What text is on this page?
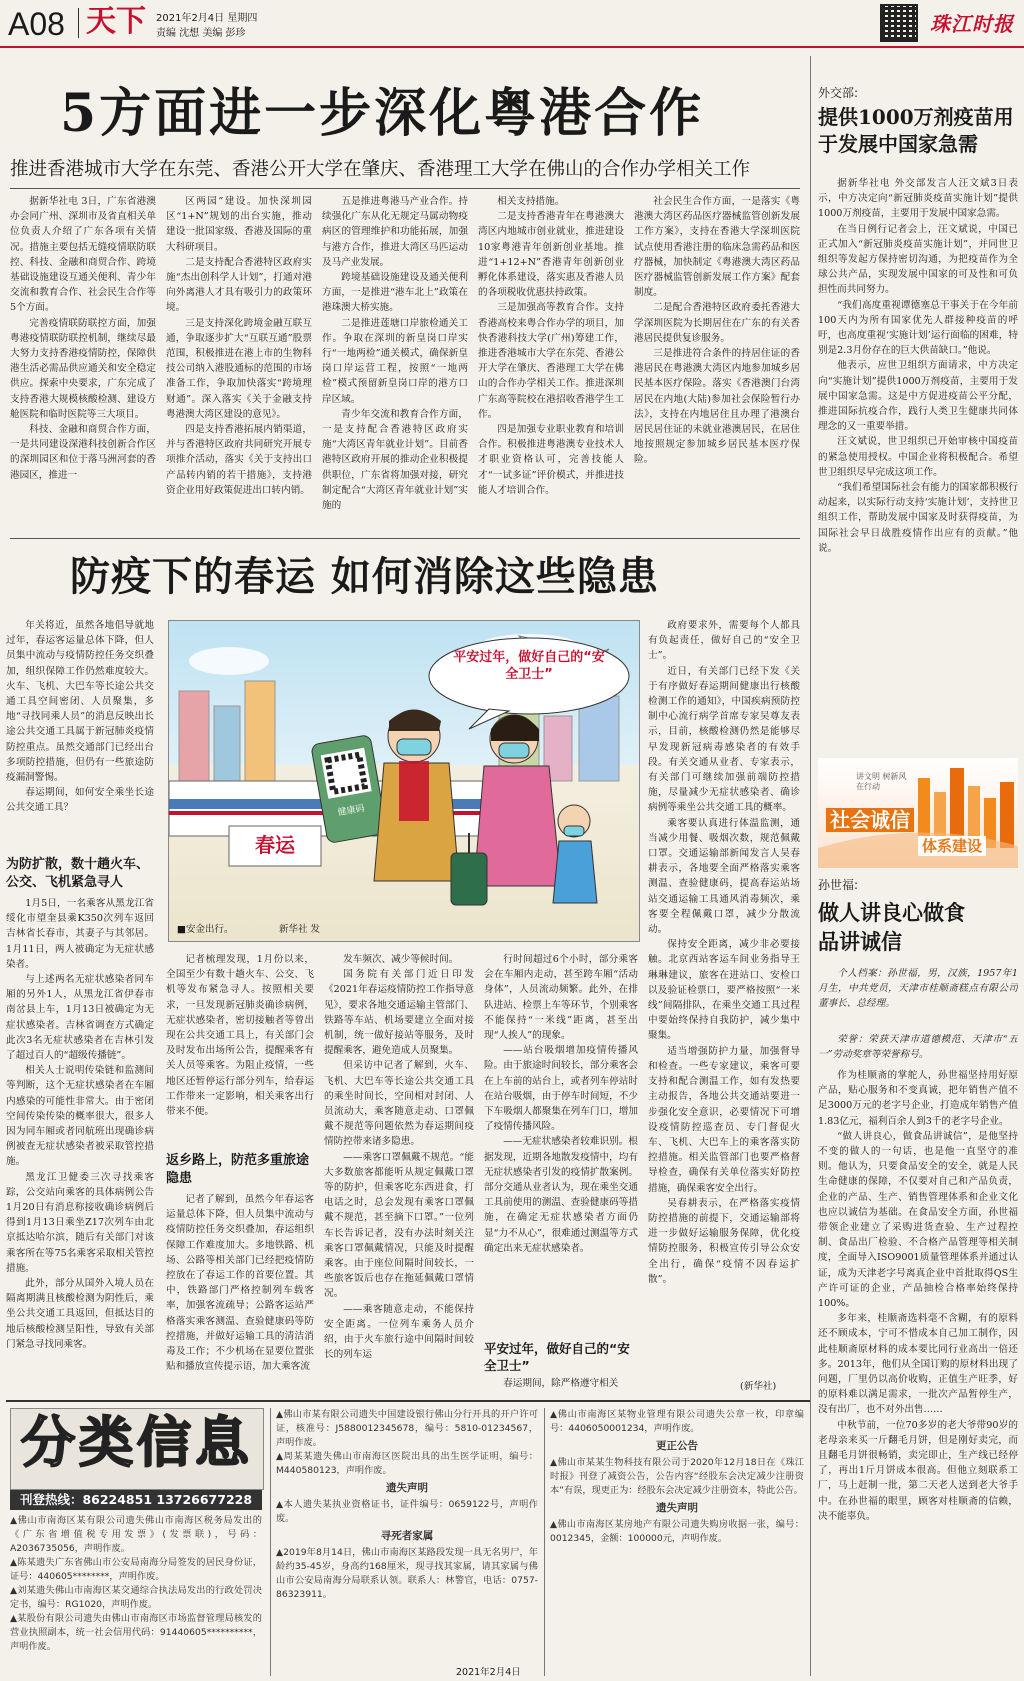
A08 天下 2021年2月4日 星期四
责编 沈想 美编 彭珍	珠江时报
5方面进一步深化粤港合作
推进香港城市大学在东莞、香港公开大学在肇庆、香港理工大学在佛山的合作办学相关工作

据新华社电 3日，广东省港澳办会同广州、深圳市及省直相关单位负责人介绍了广东各项有关情况。措施主要包括无缝疫情联防联控、科技、金融和商贸合作、跨境基础设施建设互通关便利、青少年交流和教育合作、社会民生合作等5个方面。

完善疫情联防联控方面，加强粤港疫情联防联控机制，继续尽最大努力支持香港疫情防控，保障供港生活必需品供应通关和安全稳定供应。探索中央要求，广东完成了支持香港大规模核酸检测、建设方舱医院和临时医院等三大项目。

科技、金融和商贸合作方面，一是共同建设深港科技创新合作区的深圳园区和位于落马洲河套的香港园区，推进一

区两园”建设。加快深圳园区“1+N”规划的出台实施，推动建设一批国家级、香港及国际的重大科研项目。

二是支持配合香港特区政府实施“杰出创科学人计划”，打通对港向外离港人才具有吸引力的政策环境。

三是支持深化跨境金融互联互通，争取逐步扩大“互联互通”股票范围，积极推进在港上市的生物科技公司纳入港股通标的范围的市场准备工作，争取加快落实“跨境理财通”。深入落实《关于金融支持粤港澳大湾区建设的意见》。

四是支持香港拓展内销渠道，并与香港特区政府共同研究开展专项推介活动，落实《关于支持出口产品转内销的若干措施》，支持港资企业用好政策促进出口转内销。

五是推进粤港马产业合作。持续强化广东从化无规定马属动物疫病区的管理维护和功能拓展，加强与港方合作，推进大湾区马匹运动及马产业发展。

跨境基础设施建设及通关便利方面，一是推进“港车北上”政策在港珠澳大桥实施。

二是推进莲塘口岸旅检通关工作。争取在深圳的新皇岗口岸实行“一地两检”通关模式，确保新皇岗口岸运营工程，按照“一地两检”模式预留新皇岗口岸的港方口岸区域。

青少年交流和教育合作方面，一是支持配合香港特区政府实施“大湾区青年就业计划”。目前香港特区政府开展的推动企业积极提供职位，广东省将加强对接，研究制定配合“大湾区青年就业计划”实施的

相关支持措施。

二是支持香港青年在粤港澳大湾区内地城市创业就业，推进建设10家粤港青年创新创业基地。推进“1+12+N”香港青年创新创业孵化体系建设，落实惠及香港人员的各项税收优惠扶持政策。

三是加强高等教育合作。支持香港高校来粤合作办学的项目，加快香港科技大学(广州)筹建工作，推进香港城市大学在东莞、香港公开大学在肇庆、香港理工大学在佛山的合作办学相关工作。推进深圳广东高等院校在港招收香港学生工作。

四是加强专业职业教育和培训合作。积极推进粤港澳专业技术人才职业资格认可，完善技能人才“一试多证”评价模式，并推进技能人才培训合作。

社会民生合作方面，一是落实《粤港澳大湾区药品医疗器械监管创新发展工作方案》，支持在香港大学深圳医院试点使用香港注册的临床急需药品和医疗器械，加快制定《粤港澳大湾区药品医疗器械监管创新发展工作方案》配套制度。

二是配合香港特区政府委托香港大学深圳医院为长期居住在广东的有关香港居民提供复诊服务。

三是推进符合条件的持居住证的香港居民在粤港澳大湾区内地参加城乡居民基本医疗保险。落实《香港澳门台湾居民在内地(大陆)参加社会保险暂行办法》，支持在内地居住且办理了港澳台居民居住证的未就业港澳居民，在居住地按照规定参加城乡居民基本医疗保险。

防疫下的春运 如何消除这些隐患

年关将近，虽然各地倡导就地过年，春运客运量总体下降，但人员集中流动与疫情防控任务交织叠加，组织保障工作仍然难度较大。火车、飞机、大巴车等长途公共交通工具空间密闭、人员聚集，多地“寻找同乘人员”的消息反映出长途公共交通工具属于新冠肺炎疫情防控重点。虽然交通部门已经出台多项防控措施，但仍有一些旅途防疫漏洞警惕。

春运期间，如何安全乘坐长途公共交通工具？

平安过年，做好自己的“安全卫士”
春运
健康码
■安金出行。	新华社 发
为防扩散，数十趟火车、公交、飞机紧急寻人

1月5日，一名乘客从黑龙江省绥化市望奎县乘K350次列车返回吉林省长春市，其妻子与其邻居。1月11日，两人被确定为无症状感染者。

与上述两名无症状感染者同车厢的另外1人，从黑龙江省伊春市南岔县上车，1月13日被确定为无症状感染者。吉林省调查方式确定此次3名无症状感染者在吉林引发了超过百人的“超级传播链”。

相关人士说明传染链和监测间等判断，这个无症状感染者在车厢内感染的可能性非常大。由于密闭空间传染传染的概率很大，很多人因为同车厢或者同航班出现确诊病例被查无症状感染者被采取管控措施。

黑龙江卫健委三次寻找乘客踪，公交站向乘客的具体病例公告1月20日有消息称接收确诊病例后得到1月13日乘坐Z17次列车由北京抵达哈尔滨，随后有关部门对该乘客所在等75名乘客采取相关管控措施。

此外，部分从国外入境人员在隔离期满且核酸检测为阴性后，乘坐公共交通工具返回，但抵达目的地后核酸检测呈阳性，导致有关部门紧急寻找同乘客。

记者梳理发现，1月份以来，全国至少有数十趟火车、公交、飞机等发布紧急寻人。按照相关要求，一旦发现新冠肺炎确诊病例，无症状感染者，密切接触者等曾出现在公共交通工具上，有关部门会及时发布出场所公告，提醒乘客有关人员等乘客。为阻止疫情，一些地区还暂停运行部分列车，给春运工作带来一定影响，相关乘客出行带来不便。

返乡路上，防范多重旅途隐患

记者了解到，虽然今年春运客运量总体下降，但人员集中流动与疫情防控任务交织叠加，春运组织保障工作难度加大。多地铁路、机场、公路等相关部门已经把疫情防控放在了春运工作的首要位置。其中，铁路部门严格控制列车载客率，加强客流疏导；公路客运站严格落实乘客测温、查验健康码等防控措施，并做好运输工具的清洁消毒及工作；不少机场在显要位置张贴和播放宣传提示语，加大乘客流

发车频次、减少等候时间。

国务院有关部门近日印发《2021年春运疫情防控工作指导意见》，要求各地交通运输主管部门、铁路等车站、机场要建立全面对接机制，统一做好接站等服务，及时提醒乘客，避免造成人员聚集。

但采访中记者了解到，火车、飞机、大巴车等长途公共交通工具的乘坐时间长，空间相对封闭、人员流动大，乘客随意走动、口罩佩戴不规范等问题依然为春运期间疫情防控带来诸多隐患。

——乘客口罩佩戴不规范。“能大多数旅客都能听从规定佩戴口罩等的防护，但乘客吃东西进食，打电话之时，总会发现有乘客口罩佩戴不规范，甚至摘下口罩。”一位列车长告诉记者，没有办法时刻关注乘客口罩佩戴情况，只能及时提醒乘客。由于座位间隔时间较长，一些旅客饭后也存在拖延佩戴口罩情况。

——乘客随意走动，不能保持安全距离。一位列车乘务人员介绍，由于火车旅行途中间隔时间较长的列车运

行时间超过6个小时，部分乘客会在车厢内走动，甚至跨车厢“活动身体”，人员流动频繁。此外，在排队进站、检票上车等环节，个别乘客不能保持“一米线”距离，甚至出现“人挨人”的现象。

——站台吸烟增加疫情传播风险。由于旅途时间较长，部分乘客会在上车前的站台上，或者列车停站时在站台吸烟，由于停车时间短，不少下车吸烟人都聚集在列车门口，增加了疫情传播风险。

——无症状感染者较难识别。根据发现，近期各地散发疫情中，均有无症状感染者引发的疫情扩散案例。部分交通从业者认为，现在乘坐交通工具前使用的测温、查验健康码等措施，在确定无症状感染者方面仍显“力不从心”，很难通过测温等方式确定出来无症状感染者。

平安过年，做好自己的“安全卫士”

春运期间，除严格遵守相关

政府要求外，需要每个人都具有负起责任，做好自己的“安全卫士”。

近日，有关部门已经下发《关于有序做好春运期间健康出行核酸检测工作的通知》，中国疾病预防控制中心流行病学首席专家吴尊友表示，目前，核酸检测仍然是能够尽早发现新冠病毒感染者的有效手段。有关交通从业者、专家表示，有关部门可继续加强前端防控措施，尽量减少无症状感染者、确诊病例等乘坐公共交通工具的概率。

乘客要认真进行体温监测，通当减少用餐、吸烟次数，规范佩戴口罩。交通运输部新闻发言人吴春耕表示，各地要全面严格落实乘客测温、查验健康码，提高春运站场站交通运输工具通风消毒频次，乘客要全程佩戴口罩，减少分散流动。

保持安全距离，减少非必要接触。北京西站客运车间业务指导王琳琳建议，旅客在进站口、安检口以及验证检票口，要严格按照“一米线”间隔排队，在乘坐交通工具过程中要始终保持自我防护，减少集中聚集。

适当增强防护力量，加强督导和检查。一些专家建议，乘客可要支持和配合测温工作，如有发热要主动报告，各地公共交通站要进一步强化安全意识，必要情况下可增设疫情防控巡查员、专门督促火车、飞机、大巴车上的乘客落实防控措施。相关监管部门也要严格督导检查，确保有关单位落实好防控措施，确保乘客安全出行。

吴春耕表示，在严格落实疫情防控措施的前提下，交通运输部将进一步做好运输服务保障，优化疫情防控服务，积极宣传引导公众安全出行，确保“疫情不因春运扩散”。

(新华社)
外交部:
提供1000万剂疫苗用于发展中国家急需

据新华社电 外交部发言人汪文斌3日表示，中方决定向“新冠肺炎疫苗实施计划”提供1000万剂疫苗，主要用于发展中国家急需。

在当日例行记者会上，汪文斌说，中国已正式加入“新冠肺炎疫苗实施计划”，并同世卫组织等发起方保持密切沟通，为把疫苗作为全球公共产品，实现发展中国家的可及性和可负担性而共同努力。

“我们高度重视谭德塞总干事关于在今年前100天内为所有国家优先人群接种疫苗的呼吁，也高度重视‘实施计划’运行面临的困难，特别是2.3月份存在的巨大供苗缺口。”他说。

他表示，应世卫组织方面请求，中方决定向“实施计划”提供1000万剂疫苗，主要用于发展中国家急需。这是中方促进疫苗公平分配，推进国际抗疫合作，践行人类卫生健康共同体理念的又一重要举措。

汪文斌说，世卫组织已开始审核中国疫苗的紧急使用授权。中国企业将积极配合。希望世卫组织尽早完成这项工作。

“我们希望国际社会有能力的国家都积极行动起来，以实际行动支持‘实施计划’，支持世卫组织工作，帮助发展中国家及时获得疫苗，为国际社会早日战胜疫情作出应有的贡献。”他说。

讲文明 树新风 在行动
社会诚信
体系建设
孙世福:
做人讲良心做食品讲诚信

个人档案：孙世福，男，汉族，1957年1月生，中共党员，天津市桂顺斋糕点有限公司董事长、总经理。

荣誉：荣获天津市道德模范、天津市“五一”劳动奖章等荣誉称号。

作为桂顺斋的掌舵人，孙世福坚持用好原产品，贴心服务和不变真诚，把年销售产值不足3000万元的老字号企业，打造成年销售产值1.83亿元，福利百余人到3千的老字号企业。

“做人讲良心，做食品讲诚信”，是他坚持不变的做人的一句话，也是他一直坚守的准则。他认为，只要食品安全的安全，就是人民生命健康的保障，不仅要对自己和产品负责，企业的产品、生产、销售管理体系和企业文化也应以诚信为基础。在食品安全方面，孙世福带领企业建立了采购进货查验、生产过程控制、食品出厂检验、不合格产品管理等相关制度，全面导入ISO9001质量管理体系并通过认证，成为天津老字号离真企业中首批取得QS生产许可证的企业，产品抽检合格率始终保持100%。

多年来，桂顺斋选料毫不含糊，有的原料还不顾成本，宁可不惜成本自己加工制作，因此桂顺斋原材料的成本要比同行业高出一倍还多。2013年，他们从全国订购的原材料出现了问题，厂里仍以高价收购，正值生产旺季，好的原料难以满足需求，一批次产品暂停生产，没有出厂，也不对外出售……

中秋节前，一位70多岁的老大爷带90岁的老母亲来买一斤翻毛月饼，但是刚好卖完，而且翻毛月饼很畅销，卖完即止，生产线已经停了，再出1斤月饼成本很高。但他立刻联系工厂，马上赶制一批，第二天老人送到老大爷手中。在孙世福的眼里，顾客对桂顺斋的信赖，决不能辜负。

分类信息
刊登热线：86224851 13726677228

▲佛山市南海区某有限公司遗失佛山市南海区税务局发出的《广东省增值税专用发票》(发票联)，号码：A2036735056，声明作废。

▲陈某遗失广东省佛山市公安局南海分局签发的居民身份证，证号：440605********，声明作废。

▲刘某遗失佛山市南海区某交通综合执法局发出的行政处罚决定书，编号：RG1020，声明作废。

▲某股份有限公司遗失由佛山市南海区市场监督管理局核发的营业执照副本，统一社会信用代码：91440605**********，声明作废。

▲佛山市某有限公司遗失中国建设银行佛山分行开具的开户许可证，核准号：J5880012345678，编号：5810-01234567，声明作废。

▲周某某遗失佛山市南海区医院出具的出生医学证明，编号：M440580123，声明作废。

遗失声明

▲本人遗失某执业资格证书，证件编号：0659122号，声明作废。

寻死者家属

▲2019年8月14日，佛山市南海区某路段发现一具无名男尸，年龄约35-45岁，身高约168厘米，现寻找其家属，请其家属与佛山市公安局南海分局联系认领。联系人：林警官，电话：0757-86323911。

▲佛山市南海区某物业管理有限公司遗失公章一枚，印章编号：4406050001234，声明作废。

更正公告

▲佛山市某某生物科技有限公司于2020年12月18日在《珠江时报》刊登了减资公告，公告内容“经股东会决定减少注册资本”有误，现更正为：经股东会决定减少注册资本，特此公告。

遗失声明

▲佛山市南海区某房地产有限公司遗失购房收据一张，编号：0012345，金额：100000元，声明作废。

2021年2月4日
